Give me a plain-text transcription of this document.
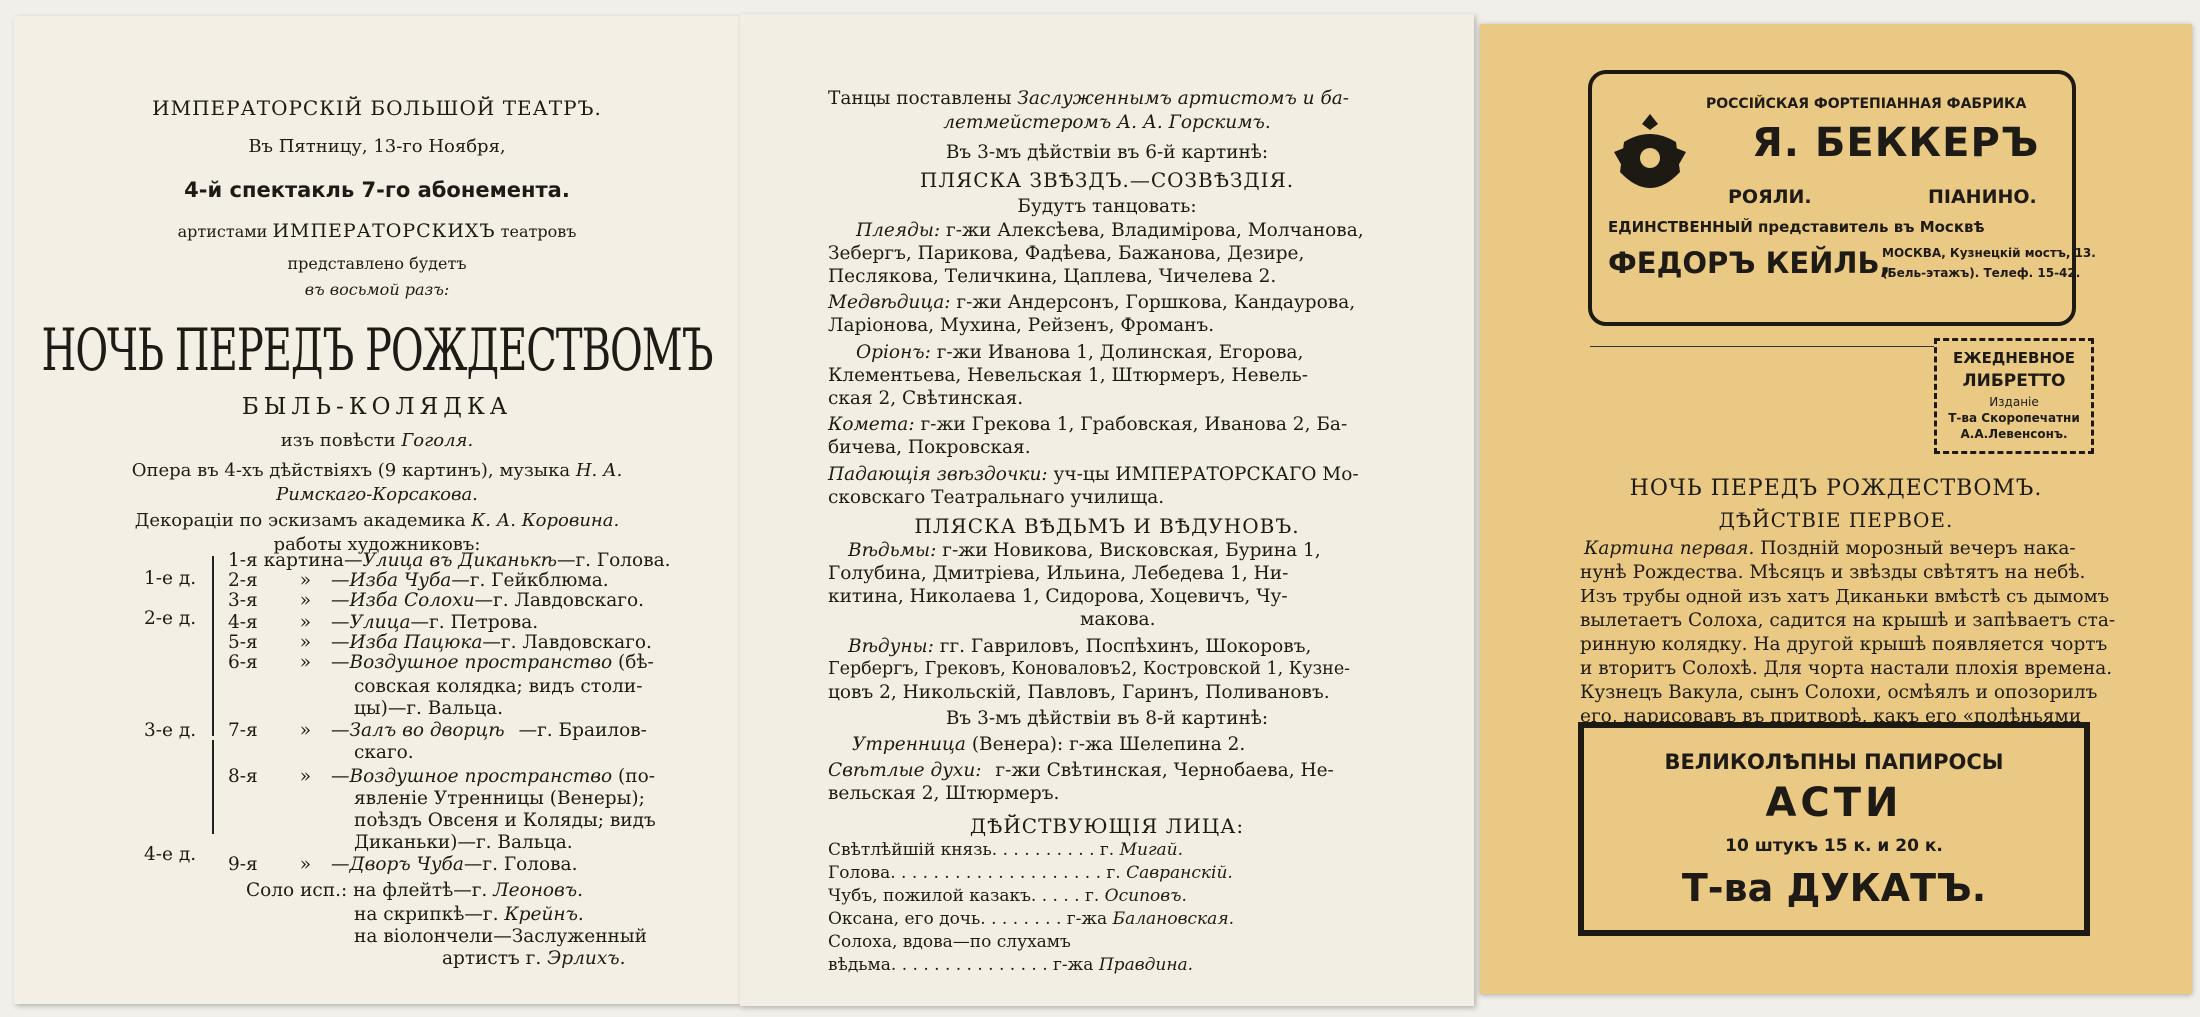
ИМПЕРАТОРСКІЙ БОЛЬШОЙ ТЕАТРЪ.
Въ Пятницу, 13-го Ноября,
4-й спектакль 7-го абонемента.
артистами ИМПЕРАТОРСКИХЪ театровъ
представлено будетъ
въ восьмой разъ:
НОЧЬ ПЕРЕДЪ РОЖДЕСТВОМЪ
БЫЛЬ-КОЛЯДКА
изъ повѣсти Гоголя.
Опера въ 4-хъ дѣйствіяхъ (9 картинъ), музыка Н. А.
Римскаго-Корсакова.
Декораціи по эскизамъ академика К. А. Коровина.
работы художниковъ:
1-е д.
2-е д.
3-е д.
4-е д.
1-я картина—Улица въ Диканькѣ—г. Голова.
2-я » —Изба Чуба—г. Гейкблюма.
3-я » —Изба Солохи—г. Лавдовскаго.
4-я » —Улица—г. Петрова.
5-я » —Изба Пацюка—г. Лавдовскаго.
6-я » —Воздушное пространство (бѣ-
совская колядка; видъ столи-
цы)—г. Вальца.
7-я » —Залъ во дворцѣ —г. Браилов-
скаго.
8-я » —Воздушное пространство (по-
явленіе Утренницы (Венеры);
поѣздъ Овсеня и Коляды; видъ
Диканьки)—г. Вальца.
9-я » —Дворъ Чуба—г. Голова.
Соло исп.: на флейтѣ—г. Леоновъ.
на скрипкѣ—г. Крейнъ.
на віолончели—Заслуженный
артистъ г. Эрлихъ.
Танцы поставлены Заслуженнымъ артистомъ и ба-
летмейстеромъ А. А. Горскимъ.
Въ 3-мъ дѣйствіи въ 6-й картинѣ:
ПЛЯСКА ЗВѢЗДЪ.—СОЗВѢЗДІЯ.
Будутъ танцовать:
Плеяды: г-жи Алексѣева, Владимірова, Молчанова,
Зебергъ, Парикова, Фадѣева, Бажанова, Дезире,
Песлякова, Теличкина, Цаплева, Чичелева 2.
Медвѣдица: г-жи Андерсонъ, Горшкова, Кандаурова,
Ларіонова, Мухина, Рейзенъ, Фроманъ.
Оріонъ: г-жи Иванова 1, Долинская, Егорова,
Клементьева, Невельская 1, Штюрмеръ, Невель-
ская 2, Свѣтинская.
Комета: г-жи Грекова 1, Грабовская, Иванова 2, Ба-
бичева, Покровская.
Падающія звѣздочки: уч-цы ИМПЕРАТОРСКАГО Мо-
сковскаго Театральнаго училища.
ПЛЯСКА ВѢДЬМЪ И ВѢДУНОВЪ.
Вѣдьмы: г-жи Новикова, Висковская, Бурина 1,
Голубина, Дмитріева, Ильина, Лебедева 1, Ни-
китина, Николаева 1, Сидорова, Хоцевичъ, Чу-
макова.
Вѣдуны: гг. Гавриловъ, Поспѣхинъ, Шокоровъ,
Гербергъ, Грековъ, Коноваловъ2, Костровской 1, Кузне-
цовъ 2, Никольскій, Павловъ, Гаринъ, Поливановъ.
Въ 3-мъ дѣйствіи въ 8-й картинѣ:
Утренница (Венера): г-жа Шелепина 2.
Свѣтлые духи: г-жи Свѣтинская, Чернобаева, Не-
вельская 2, Штюрмеръ.
ДѢЙСТВУЮЩІЯ ЛИЦА:
Свѣтлѣйшій князь. . . . . . . . . . г. Мигай.
Голова. . . . . . . . . . . . . . . . . . . . г. Савранскій.
Чубъ, пожилой казакъ. . . . . г. Осиповъ.
Оксана, его дочь. . . . . . . . г-жа Балановская.
Солоха, вдова—по слухамъ
вѣдьма. . . . . . . . . . . . . . . г-жа Правдина.
РОССІЙСКАЯ ФОРТЕПІАННАЯ ФАБРИКА
Я. БЕККЕРЪ
РОЯЛИ.	ПІАНИНО.
ЕДИНСТВЕННЫЙ представитель въ Москвѣ
ФЕДОРЪ КЕЙЛЬ,
МОСКВА, Кузнецкій мостъ, 13.
(Бель-этажъ). Телеф. 15-42.
ЕЖЕДНЕВНОЕ
ЛИБРЕТТО
Изданіе
Т-ва Скоропечатни
А.А.Левенсонъ.
НОЧЬ ПЕРЕДЪ РОЖДЕСТВОМЪ.
ДѢЙСТВІЕ ПЕРВОЕ.
Картина первая. Поздній морозный вечеръ нака-
нунѣ Рождества. Мѣсяцъ и звѣзды свѣтятъ на небѣ.
Изъ трубы одной изъ хатъ Диканьки вмѣстѣ съ дымомъ
вылетаетъ Солоха, садится на крышѣ и запѣваетъ ста-
ринную колядку. На другой крышѣ появляется чортъ
и вторитъ Солохѣ. Для чорта настали плохія времена.
Кузнецъ Вакула, сынъ Солохи, осмѣялъ и опозорилъ
его, нарисовавъ въ притворѣ, какъ его «полѣньями
ВЕЛИКОЛѢПНЫ ПАПИРОСЫ
АСТИ
10 штукъ 15 к. и 20 к.
Т-ва ДУКАТЪ.
